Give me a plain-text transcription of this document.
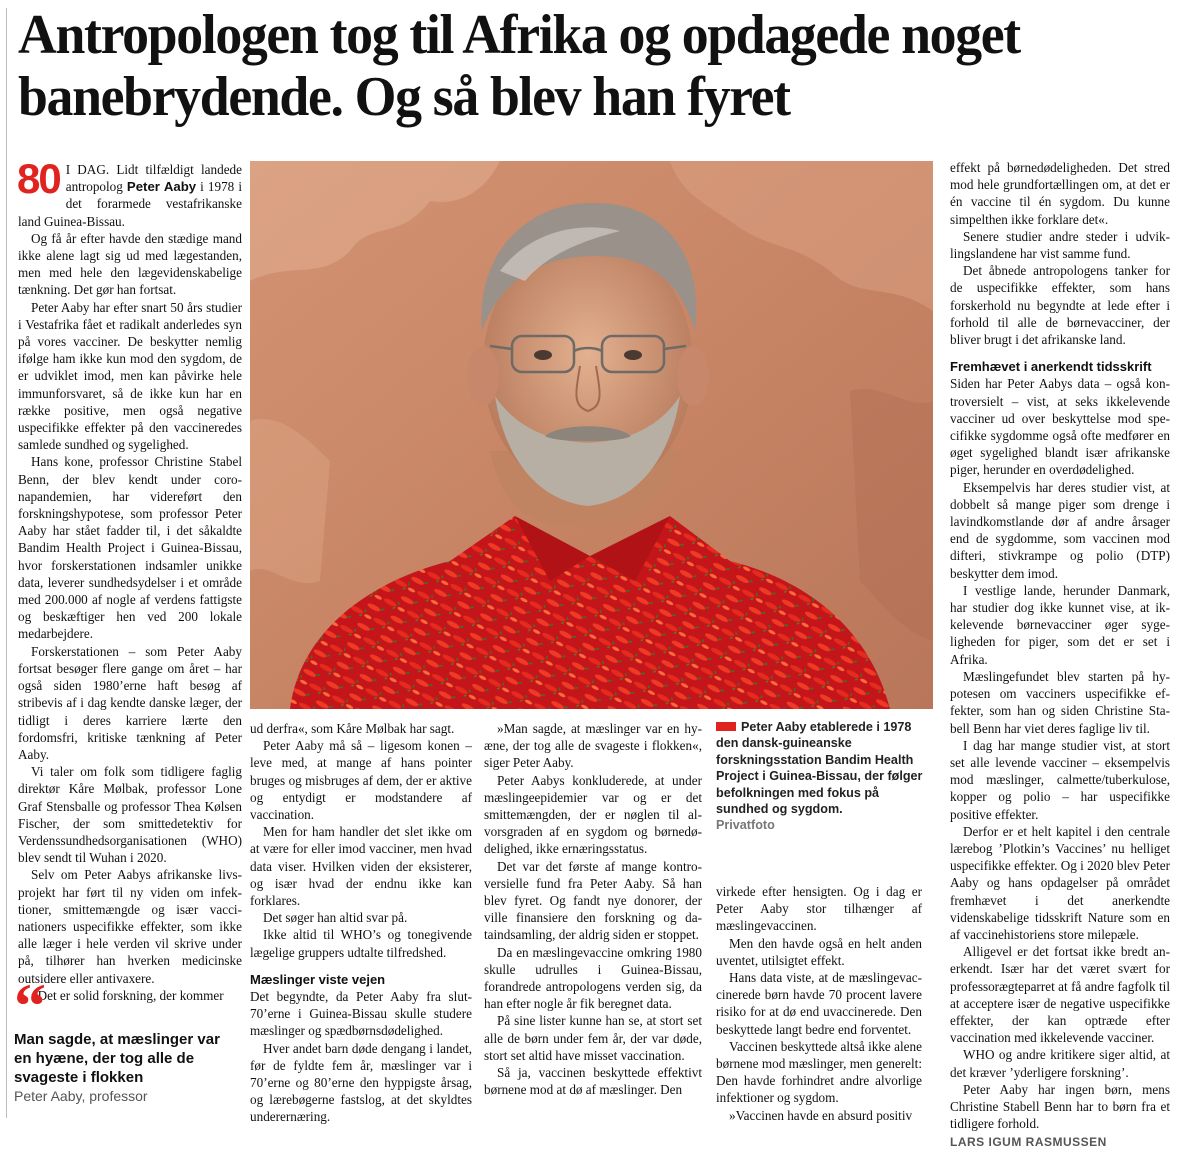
Antropologen tog til Afrika og opdagede noget banebrydende. Og så blev han fyret

80 I DAG. Lidt tilfældigt landede antropolog Peter Aaby i 1978 i det forarmede vestafrikanske land Guinea-Bissau.

Og få år efter havde den stædige mand ikke alene lagt sig ud med lægestanden, men med hele den lægevidenskabelige tænkning. Det gør han fortsat.

Peter Aaby har efter snart 50 års studier i Vestafrika fået et radikalt anderledes syn på vores vacciner. De beskytter nemlig ifølge ham ikke kun mod den sygdom, de er udviklet imod, men kan påvirke hele immunforsvaret, så de ikke kun har en række positive, men også negative uspecifikke effekter på den vaccineredes samlede sundhed og sygelighed.

Hans kone, professor Christine Stabel Benn, der blev kendt under coronapandemien, har videreført den forskningshypotese, som professor Peter Aaby har stået fadder til, i det såkaldte Bandim Health Project i Guinea-Bissau, hvor forskerstationen indsamler unikke data, leverer sundhedsydelser i et område med 200.000 af nogle af verdens fattigste og beskæftiger hen ved 200 lokale medarbejdere.

Forskerstationen – som Peter Aaby fortsat besøger flere gange om året – har også siden 1980’erne haft besøg af stribevis af i dag kendte danske læger, der tidligt i deres karriere lærte den fordomsfri, kritiske tænkning af Peter Aaby.

Vi taler om folk som tidligere faglig direktør Kåre Mølbak, professor Lone Graf Stensballe og professor Thea Kølsen Fischer, der som smittedetektiv for Verdenssundhedsorganisationen (WHO) blev sendt til Wuhan i 2020.

Selv om Peter Aabys afrikanske livsprojekt har ført til ny viden om infektioner, smittemængde og især vaccinationers uspecifikke effekter, som ikke alle læger i hele verden vil skrive under på, tilhører han hverken medicinske outsidere eller antivaxere.

»Det er solid forskning, der kommer

“
Man sagde, at mæslinger var en hyæne, der tog alle de svageste i flokken
Peter Aaby, professor

ud derfra«, som Kåre Mølbak har sagt.

Peter Aaby må så – ligesom konen – leve med, at mange af hans pointer bruges og misbruges af dem, der er aktive og entydigt er modstandere af vaccination.

Men for ham handler det slet ikke om at være for eller imod vacciner, men hvad data viser. Hvilken viden der eksisterer, og især hvad der endnu ikke kan forklares.

Det søger han altid svar på.

Ikke altid til WHO’s og tonegivende lægelige gruppers udtalte tilfredshed.

Mæslinger viste vejen

Det begyndte, da Peter Aaby fra slut-70’erne i Guinea-Bissau skulle studere mæslinger og spædbørnsdødelighed.

Hver andet barn døde dengang i landet, før de fyldte fem år, mæslinger var i 70’erne og 80’erne den hyppigste årsag, og lærebøgerne fastslog, at det skyldtes underernæring.

»Man sagde, at mæslinger var en hyæne, der tog alle de svageste i flokken«, siger Peter Aaby.

Peter Aabys konkluderede, at under mæslingeepidemier var og er det smittemængden, der er nøglen til alvorsgraden af en sygdom og børnedødelighed, ikke ernæringsstatus.

Det var det første af mange kontroversielle fund fra Peter Aaby. Så han blev fyret. Og fandt nye donorer, der ville finansiere den forskning og dataindsamling, der aldrig siden er stoppet.

Da en mæslingevaccine omkring 1980 skulle udrulles i Guinea-Bissau, forandrede antropologens verden sig, da han efter nogle år fik beregnet data.

På sine lister kunne han se, at stort set alle de børn under fem år, der var døde, stort set altid have misset vaccination.

Så ja, vaccinen beskyttede effektivt børnene mod at dø af mæslinger. Den

Peter Aaby etablerede i 1978 den dansk-guineanske forskningsstation Bandim Health Project i Guinea-Bissau, der følger befolkningen med fokus på sundhed og sygdom.
Privatfoto

virkede efter hensigten. Og i dag er Peter Aaby stor tilhænger af mæslingevaccinen.

Men den havde også en helt anden uventet, utilsigtet effekt.

Hans data viste, at de mæslingevaccinerede børn havde 70 procent lavere risiko for at dø end uvaccinerede. Den beskyttede langt bedre end forventet.

Vaccinen beskyttede altså ikke alene børnene mod mæslinger, men generelt: Den havde forhindret andre alvorlige infektioner og sygdom.

»Vaccinen havde en absurd positiv

effekt på børnedødeligheden. Det stred mod hele grundfortællingen om, at det er én vaccine til én sygdom. Du kunne simpelthen ikke forklare det«.

Senere studier andre steder i udviklingslandene har vist samme fund.

Det åbnede antropologens tanker for de uspecifikke effekter, som hans forskerhold nu begyndte at lede efter i forhold til alle de børnevacciner, der bliver brugt i det afrikanske land.

Fremhævet i anerkendt tidsskrift

Siden har Peter Aabys data – også kontroversielt – vist, at seks ikkelevende vacciner ud over beskyttelse mod specifikke sygdomme også ofte medfører en øget sygelighed blandt især afrikanske piger, herunder en overdødelighed.

Eksempelvis har deres studier vist, at dobbelt så mange piger som drenge i lavindkomstlande dør af andre årsager end de sygdomme, som vaccinen mod difteri, stivkrampe og polio (DTP) beskytter dem imod.

I vestlige lande, herunder Danmark, har studier dog ikke kunnet vise, at ikkelevende børnevacciner øger sygeligheden for piger, som det er set i Afrika.

Mæslingefundet blev starten på hypotesen om vacciners uspecifikke effekter, som han og siden Christine Stabell Benn har viet deres faglige liv til.

I dag har mange studier vist, at stort set alle levende vacciner – eksempelvis mod mæslinger, calmette/tuberkulose, kopper og polio – har uspecifikke positive effekter.

Derfor er et helt kapitel i den centrale lærebog ’Plotkin’s Vaccines’ nu helliget uspecifikke effekter. Og i 2020 blev Peter Aaby og hans opdagelser på området fremhævet i det anerkendte videnskabelige tidsskrift Nature som en af vaccinehistoriens store milepæle.

Alligevel er det fortsat ikke bredt anerkendt. Især har det været svært for professorægteparret at få andre fagfolk til at acceptere især de negative uspecifikke effekter, der kan optræde efter vaccination med ikkelevende vacciner.

WHO og andre kritikere siger altid, at det kræver ’yderligere forskning’.

Peter Aaby har ingen børn, mens Christine Stabell Benn har to børn fra et tidligere forhold.

LARS IGUM RASMUSSEN
